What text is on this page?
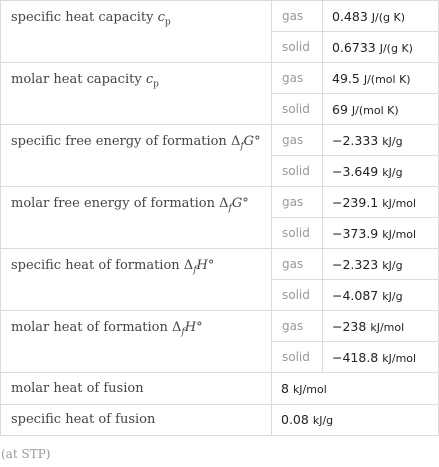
specific heat capacity $c_p$	gas	0.483 J/(g K)
	solid	0.6733 J/(g K)
molar heat capacity $c_p$	gas	49.5 J/(mol K)
	solid	69 J/(mol K)
specific free energy of formation $\Delta_fG^\circ$	gas	−2.333 kJ/g
	solid	−3.649 kJ/g
molar free energy of formation $\Delta_fG^\circ$	gas	−239.1 kJ/mol
	solid	−373.9 kJ/mol
specific heat of formation $\Delta_fH^\circ$	gas	−2.323 kJ/g
	solid	−4.087 kJ/g
molar heat of formation $\Delta_fH^\circ$	gas	−238 kJ/mol
	solid	−418.8 kJ/mol
molar heat of fusion	8 kJ/mol	
specific heat of fusion	0.08 kJ/g	
(at STP)
